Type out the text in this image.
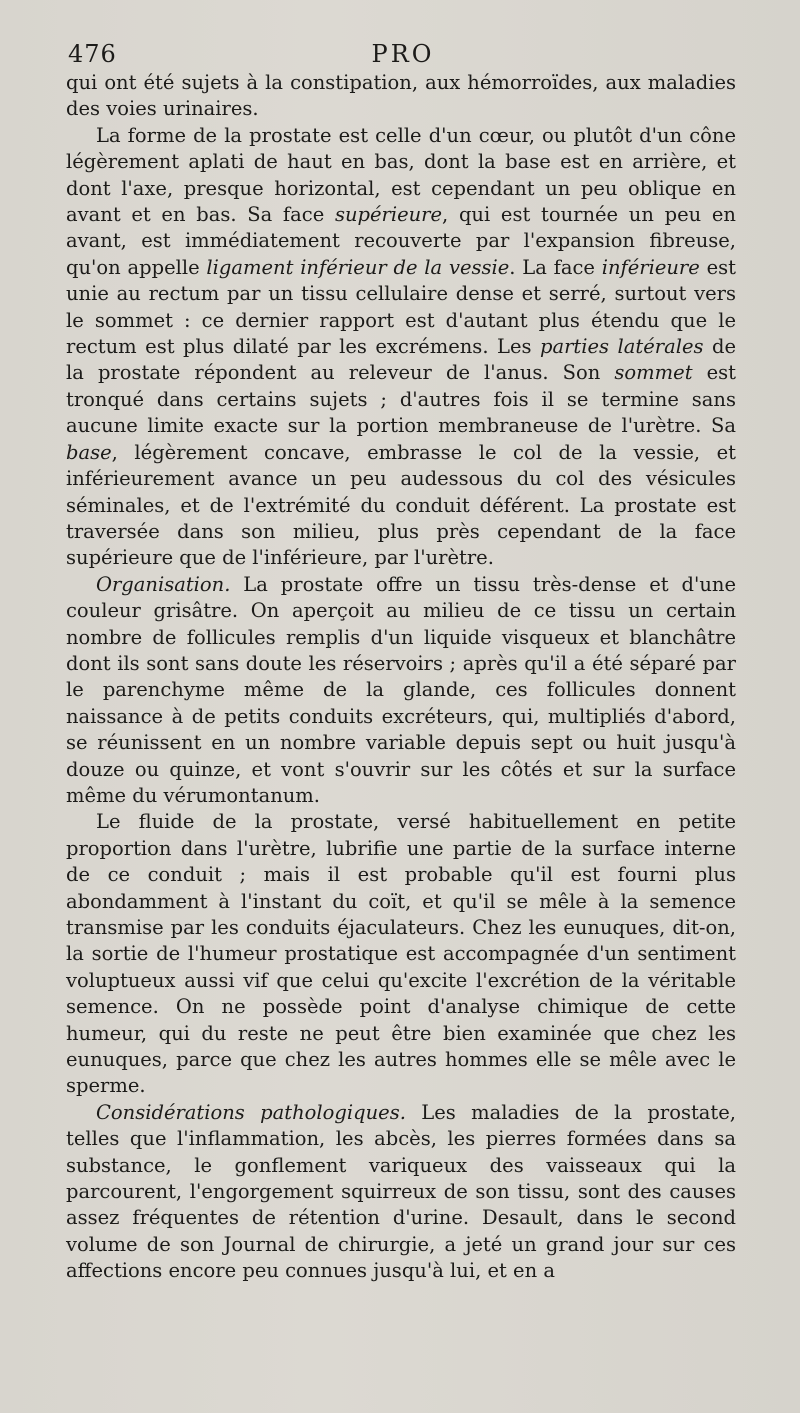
476	PRO

qui ont été sujets à la constipation, aux hémorroïdes, aux maladies des voies urinaires.

La forme de la prostate est celle d'un cœur, ou plutôt d'un cône légèrement aplati de haut en bas, dont la base est en arrière, et dont l'axe, presque horizontal, est cependant un peu oblique en avant et en bas. Sa face supérieure, qui est tournée un peu en avant, est immédiatement recouverte par l'expansion fibreuse, qu'on appelle ligament inférieur de la vessie. La face inférieure est unie au rectum par un tissu cellulaire dense et serré, surtout vers le sommet : ce dernier rapport est d'autant plus étendu que le rectum est plus dilaté par les excrémens. Les parties latérales de la prostate répondent au releveur de l'anus. Son sommet est tronqué dans certains sujets ; d'autres fois il se termine sans aucune limite exacte sur la portion membraneuse de l'urètre. Sa base, légèrement concave, embrasse le col de la vessie, et inférieurement avance un peu audessous du col des vésicules séminales, et de l'extrémité du conduit déférent. La prostate est traversée dans son milieu, plus près cependant de la face supérieure que de l'inférieure, par l'urètre.

Organisation. La prostate offre un tissu très-dense et d'une couleur grisâtre. On aperçoit au milieu de ce tissu un certain nombre de follicules remplis d'un liquide visqueux et blanchâtre dont ils sont sans doute les réservoirs ; après qu'il a été séparé par le parenchyme même de la glande, ces follicules donnent naissance à de petits conduits excréteurs, qui, multipliés d'abord, se réunissent en un nombre variable depuis sept ou huit jusqu'à douze ou quinze, et vont s'ouvrir sur les côtés et sur la surface même du vérumontanum.

Le fluide de la prostate, versé habituellement en petite proportion dans l'urètre, lubrifie une partie de la surface interne de ce conduit ; mais il est probable qu'il est fourni plus abondamment à l'instant du coït, et qu'il se mêle à la semence transmise par les conduits éjaculateurs. Chez les eunuques, dit-on, la sortie de l'humeur prostatique est accompagnée d'un sentiment voluptueux aussi vif que celui qu'excite l'excrétion de la véritable semence. On ne possède point d'analyse chimique de cette humeur, qui du reste ne peut être bien examinée que chez les eunuques, parce que chez les autres hommes elle se mêle avec le sperme.

Considérations pathologiques. Les maladies de la prostate, telles que l'inflammation, les abcès, les pierres formées dans sa substance, le gonflement variqueux des vaisseaux qui la parcourent, l'engorgement squirreux de son tissu, sont des causes assez fréquentes de rétention d'urine. Desault, dans le second volume de son Journal de chirurgie, a jeté un grand jour sur ces affections encore peu connues jusqu'à lui, et en a
